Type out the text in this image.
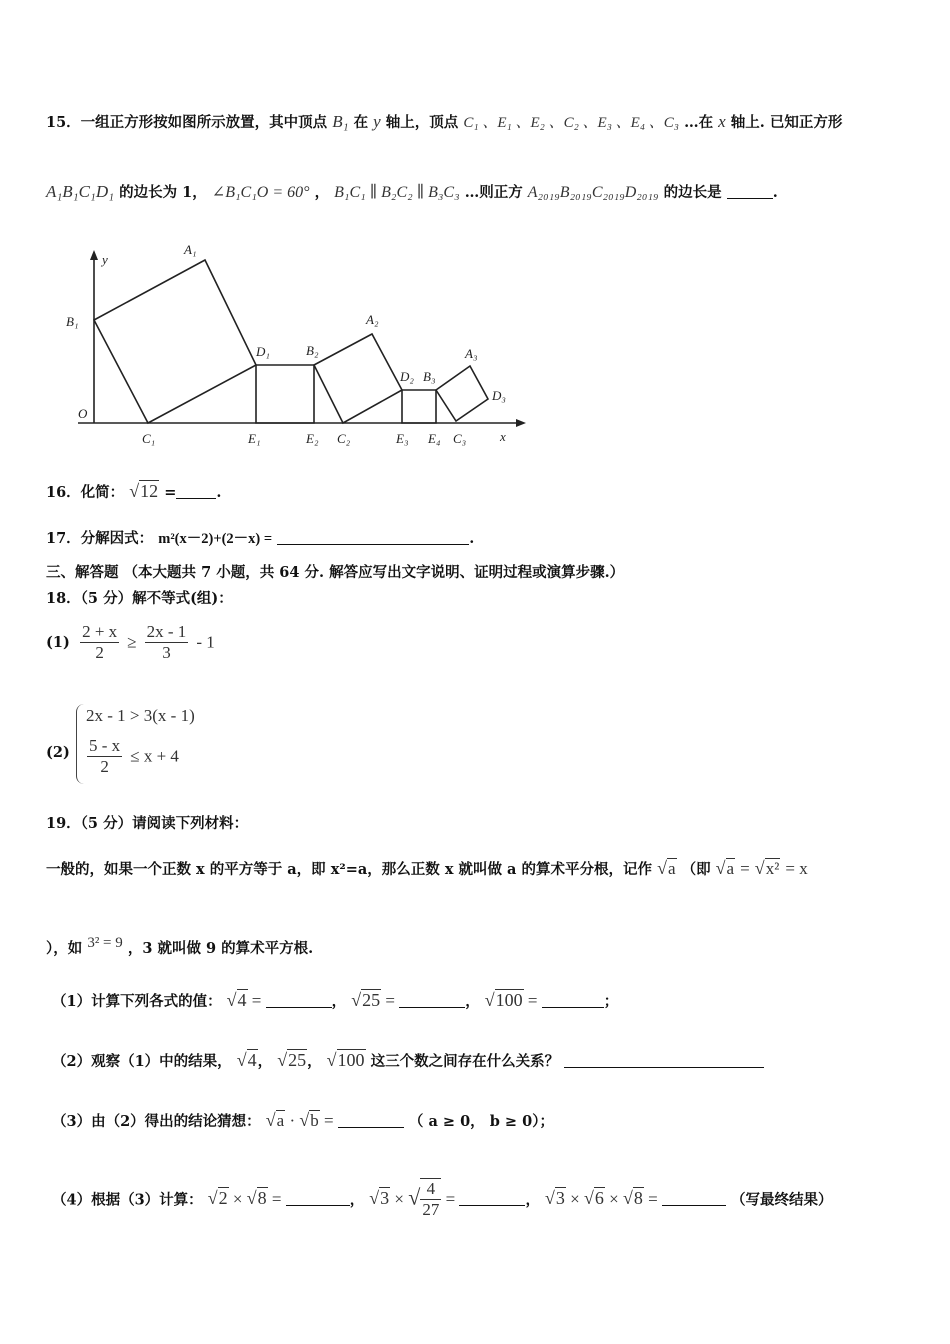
15．一组正方形按如图所示放置，其中顶点 B₁ 在 y 轴上，顶点 C₁ 、E₁ 、E₂ 、C₂ 、E₃ 、E₄ 、C₃ …在 x 轴上. 已知正方形
A₁B₁C₁D₁ 的边长为 1， ∠B₁C₁O = 60° ， B₁C₁ ∥ B₂C₂ ∥ B₃C₃ …则正方 A₂₀₁₉B₂₀₁₉C₂₀₁₉D₂₀₁₉ 的边长是	.
A₁
B₁
D₁	B₂
A₂
D₂ B₃
A₃
D₃
C₁	E₁	E₂ C₂	E₃ E₄ C₃
O
y
x
16．化简： √12 =	.
17．分解因式： m²(x－2)+(2－x) =	.
三、解答题 （本大题共 7 小题，共 64 分. 解答应写出文字说明、证明过程或演算步骤.）
18．（5 分）解不等式(组)：
$(1) \frac{2 + x}{2} \ge \frac{2x - 1}{3} - 1$
(2)
2x - 1 > 3(x - 1)
$\frac{5 - x}{2} \le x + 4$
19．（5 分）请阅读下列材料：
一般的，如果一个正数 x 的平方等于 a，即 x²=a，那么正数 x 就叫做 a 的算术平分根，记作 √a （即 √a = √x² = x
），如 3² = 9 ，3 就叫做 9 的算术平方根.
（1）计算下列各式的值： √4 =	， √25 =	， √100 =	；
（2）观察（1）中的结果， √4， √25， √100 这三个数之间存在什么关系？
（3）由（2）得出的结论猜想： √a · √b =	（ a ≥ 0， b ≥ 0）；
（4）根据（3）计算： √2 × √8 =	， √3 × √ $\frac{4}{27}$ =	， √3 × √6 × √8 =	（写最终结果）
